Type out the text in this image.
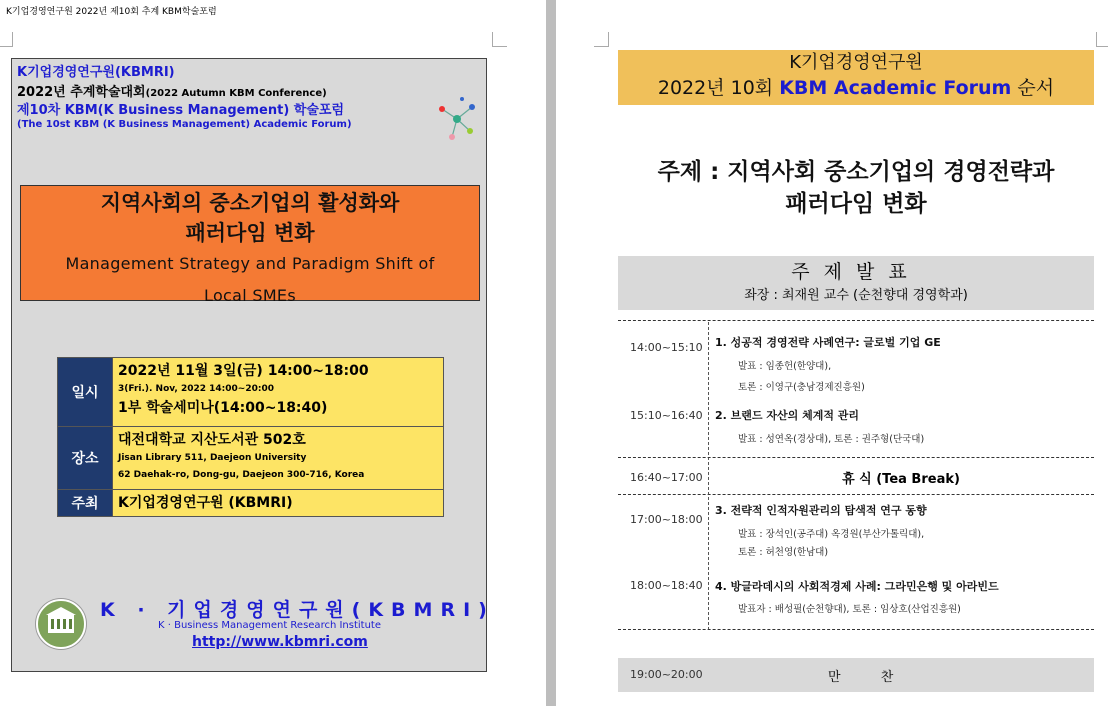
K기업경영연구원 2022년 제10회 추계 KBM학술포럼
K기업경영연구원(KBMRI)
2022년 추계학술대회(2022 Autumn KBM Conference)
제10차 KBM(K Business Management) 학술포럼
(The 10st KBM (K Business Management) Academic Forum)
지역사회의 중소기업의 활성화와
패러다임 변화
Management Strategy and Paradigm Shift of
Local SMEs
일시	2022년 11월 3일(금) 14:00~18:00
3(Fri.). Nov, 2022 14:00~20:00
1부 학술세미나(14:00~18:40)

장소	대전대학교 지산도서관 502호
Jisan Library 511, Daejeon University
62 Daehak-ro, Dong-gu, Daejeon 300-716, Korea

주최	K기업경영연구원 (KBMRI)
K · 기업경영연구원(KBMRI)
K · Business Management Research Institute
http://www.kbmri.com
K기업경영연구원
2022년 10회 KBM Academic Forum 순서
주제 : 지역사회 중소기업의 경영전략과
패러다임 변화
주제발표
좌장 : 최재원 교수 (순천향대 경영학과)
14:00~15:10 1. 성공적 경영전략 사례연구: 글로벌 기업 GE
발표 : 임종헌(한양대),
토론 : 이영구(충남경제진흥원)
15:10~16:40 2. 브랜드 자산의 체계적 관리
발표 : 성연옥(경상대), 토론 : 권주형(단국대)
16:40~17:00	휴 식 (Tea Break)
17:00~18:00
3. 전략적 인적자원관리의 탐색적 연구 동향
발표 : 장석인(공주대) 옥경원(부산가톨릭대),
토론 : 허천영(한남대)
18:00~18:40 4. 방글라데시의 사회적경제 사례: 그라민은행 및 아라빈드
발표자 : 배성필(순천향대), 토론 : 임상호(산업진흥원)
19:00~20:00	만 찬
